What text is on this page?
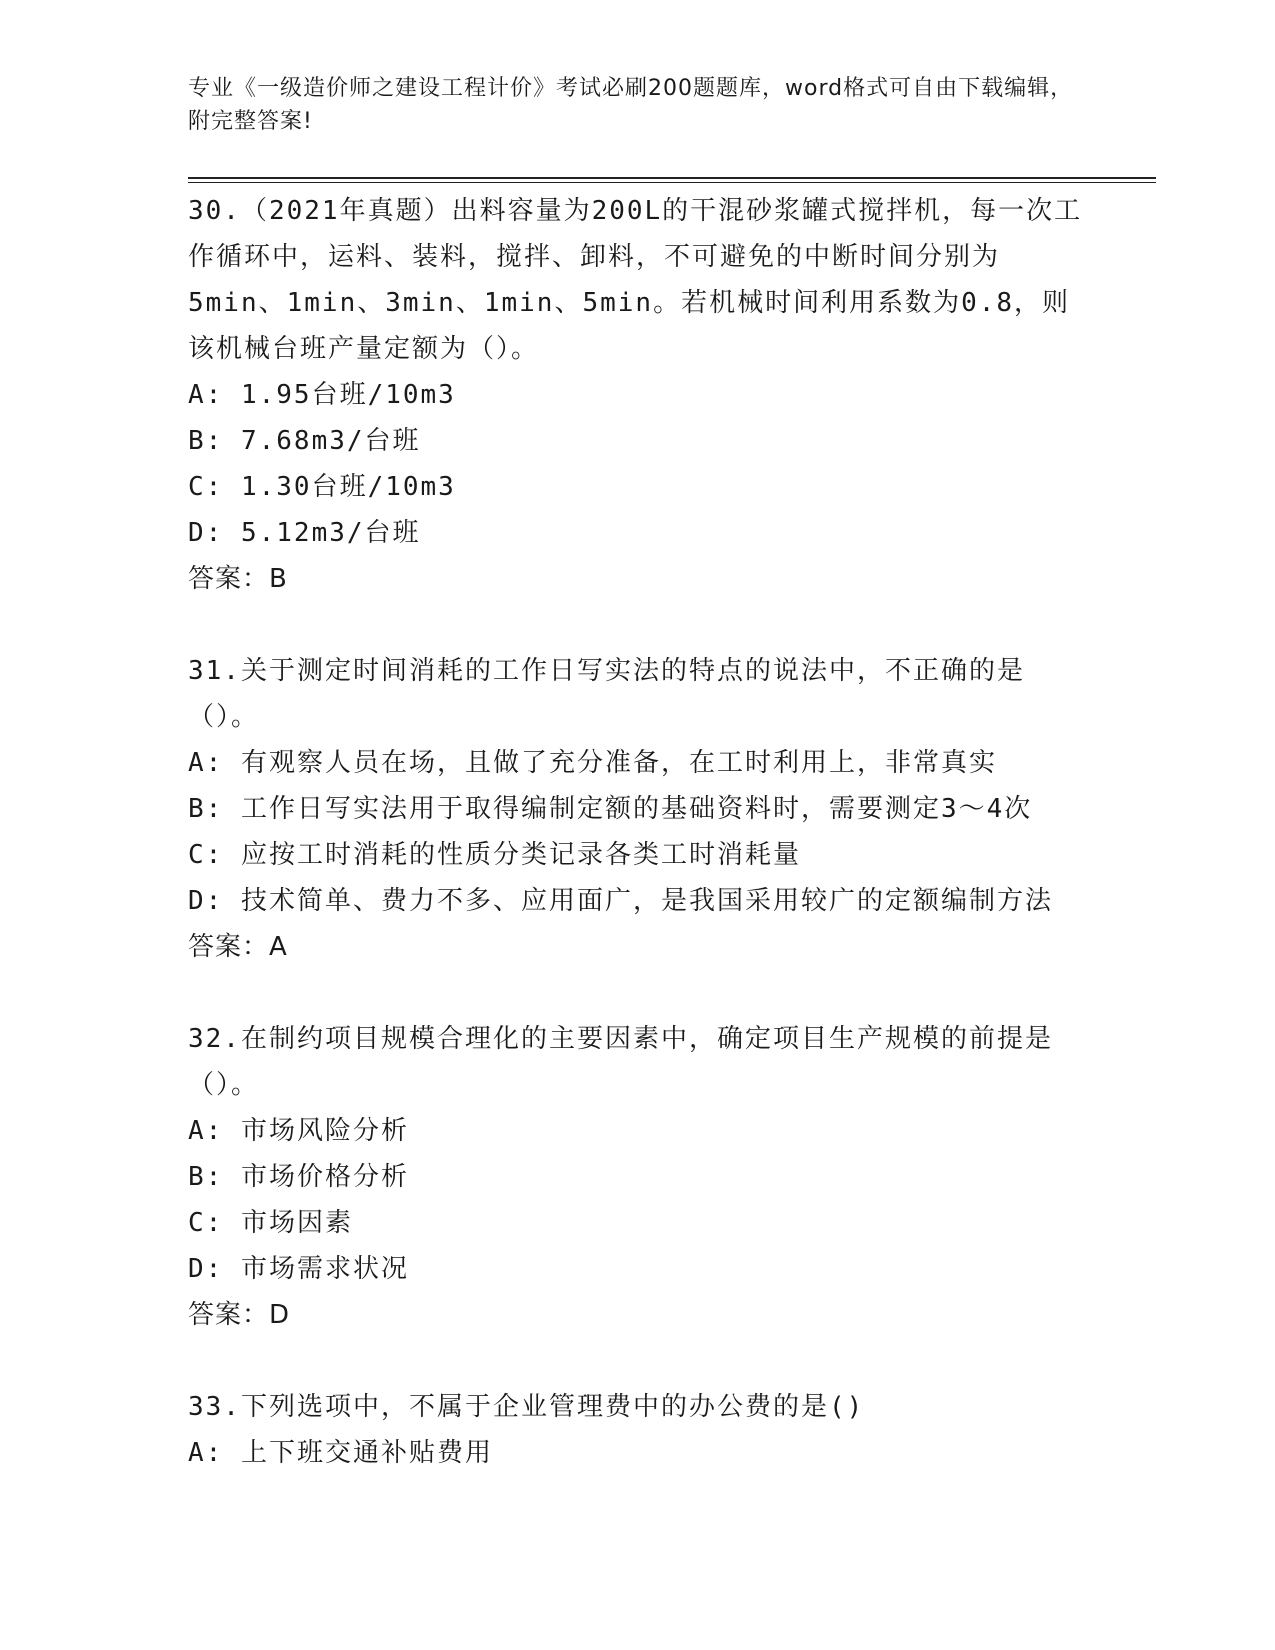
专业《一级造价师之建设工程计价》考试必刷200题题库，word格式可自由下载编辑，附完整答案!
30.（2021年真题）出料容量为200L的干混砂浆罐式搅拌机，每一次工作循环中，运料、装料，搅拌、卸料，不可避免的中断时间分别为5min、1min、3min、1min、5min。若机械时间利用系数为0.8，则该机械台班产量定额为（）。
A: 1.95台班/10m3
B: 7.68m3/台班
C: 1.30台班/10m3
D: 5.12m3/台班
答案：B
31.关于测定时间消耗的工作日写实法的特点的说法中，不正确的是（）。
A: 有观察人员在场，且做了充分准备，在工时利用上，非常真实
B: 工作日写实法用于取得编制定额的基础资料时，需要测定3～4次
C: 应按工时消耗的性质分类记录各类工时消耗量
D: 技术简单、费力不多、应用面广，是我国采用较广的定额编制方法
答案：A
32.在制约项目规模合理化的主要因素中，确定项目生产规模的前提是（）。
A: 市场风险分析
B: 市场价格分析
C: 市场因素
D: 市场需求状况
答案：D
33.下列选项中，不属于企业管理费中的办公费的是()
A: 上下班交通补贴费用
